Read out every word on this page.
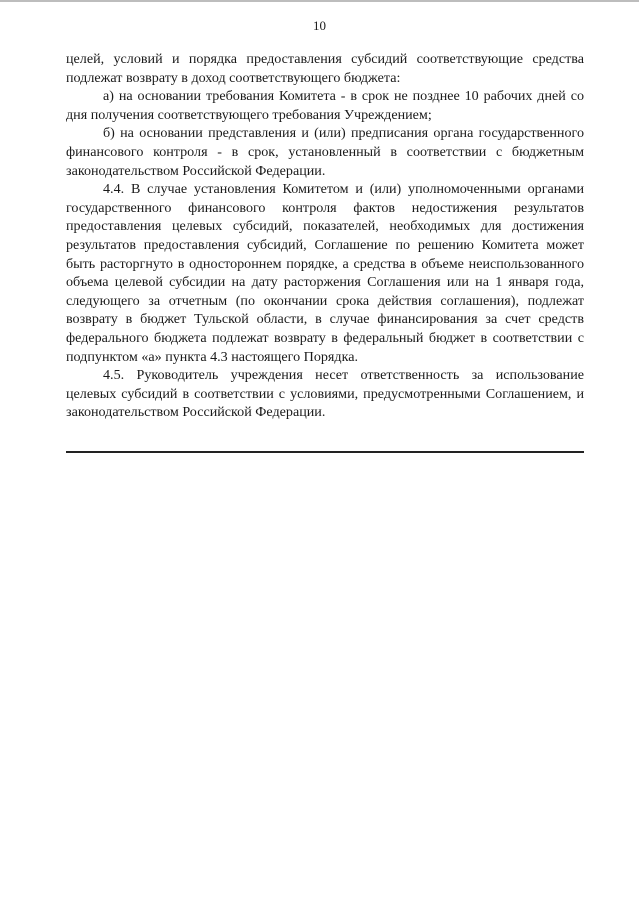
10

целей, условий и порядка предоставления субсидий соответствующие средства подлежат возврату в доход соответствующего бюджета:

а) на основании требования Комитета - в срок не позднее 10 рабочих дней со дня получения соответствующего требования Учреждением;

б) на основании представления и (или) предписания органа государственного финансового контроля - в срок, установленный в соответствии с бюджетным законодательством Российской Федерации.

4.4. В случае установления Комитетом и (или) уполномоченными органами государственного финансового контроля фактов недостижения результатов предоставления целевых субсидий, показателей, необходимых для достижения результатов предоставления субсидий, Соглашение по решению Комитета может быть расторгнуто в одностороннем порядке, а средства в объеме неиспользованного объема целевой субсидии на дату расторжения Соглашения или на 1 января года, следующего за отчетным (по окончании срока действия соглашения), подлежат возврату в бюджет Тульской области, в случае финансирования за счет средств федерального бюджета подлежат возврату в федеральный бюджет в соответствии с подпунктом «а» пункта 4.3 настоящего Порядка.

4.5. Руководитель учреждения несет ответственность за использование целевых субсидий в соответствии с условиями, предусмотренными Соглашением, и законодательством Российской Федерации.
